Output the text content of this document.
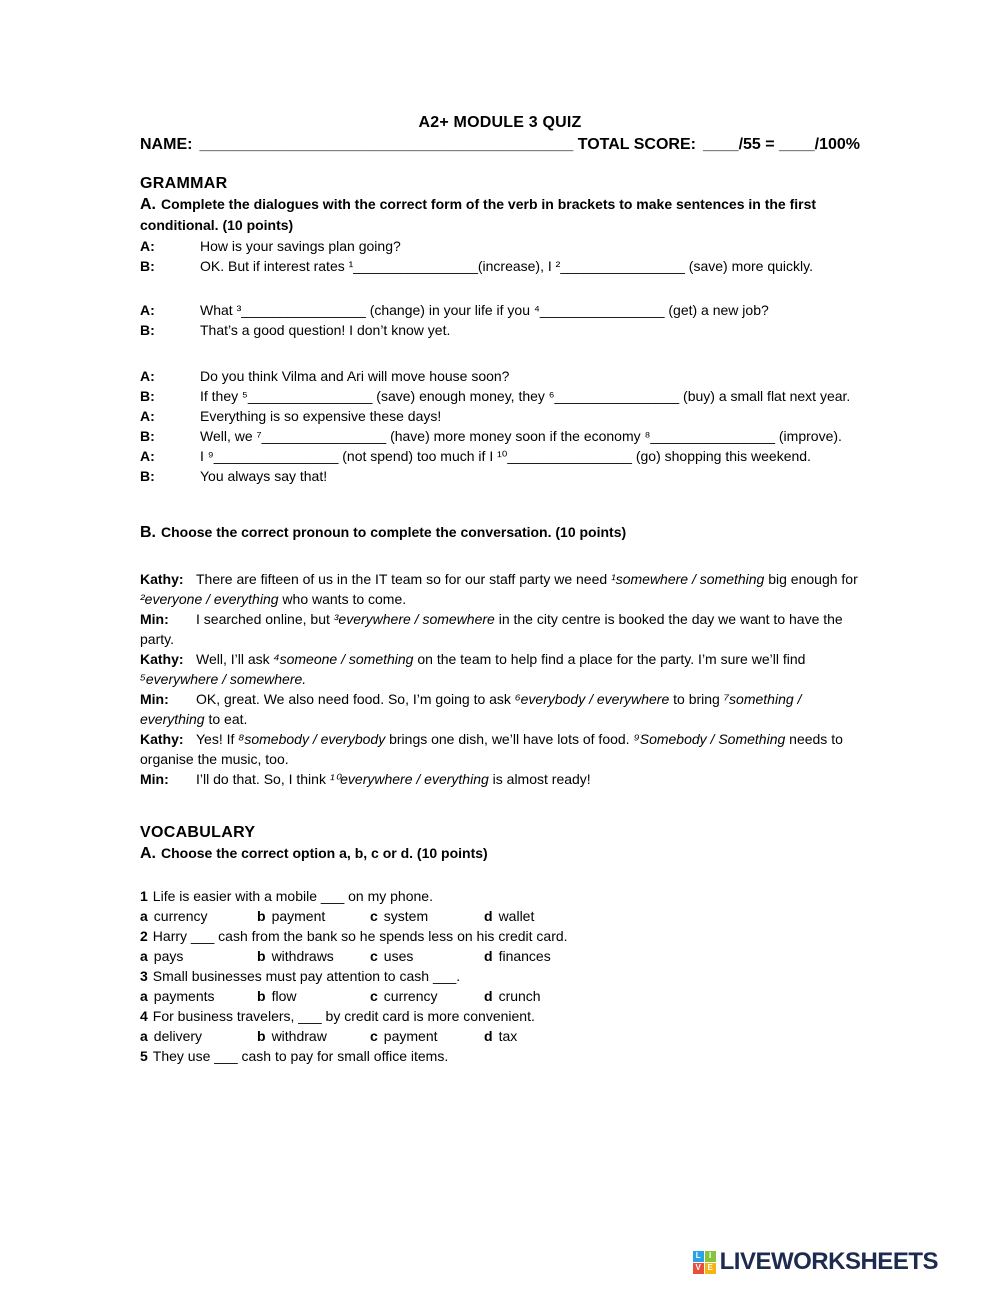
A2+ MODULE 3 QUIZ
NAME: __________________________________________ TOTAL SCORE: ____/55 = ____/100%
GRAMMAR

A. Complete the dialogues with the correct form of the verb in brackets to make sentences in the first conditional. (10 points)

A:	How is your savings plan going?
B:	OK. But if interest rates ¹________________(increase), I ²________________ (save) more quickly.
A:	What ³________________ (change) in your life if you ⁴________________ (get) a new job?
B:	That’s a good question! I don’t know yet.
A:	Do you think Vilma and Ari will move house soon?
B:	If they ⁵________________ (save) enough money, they ⁶________________ (buy) a small flat next year.
A:	Everything is so expensive these days!
B:	Well, we ⁷________________ (have) more money soon if the economy ⁸________________ (improve).
A:	I ⁹________________ (not spend) too much if I ¹⁰________________ (go) shopping this weekend.
B:	You always say that!

B. Choose the correct pronoun to complete the conversation. (10 points)

Kathy: There are fifteen of us in the IT team so for our staff party we need ¹somewhere / something big enough for ²everyone / everything who wants to come.

Min: I searched online, but ³everywhere / somewhere in the city centre is booked the day we want to have the party.

Kathy: Well, I’ll ask ⁴someone / something on the team to help find a place for the party. I’m sure we’ll find ⁵everywhere / somewhere.

Min: OK, great. We also need food. So, I’m going to ask ⁶everybody / everywhere to bring ⁷something / everything to eat.

Kathy: Yes! If ⁸somebody / everybody brings one dish, we’ll have lots of food. ⁹Somebody / Something needs to organise the music, too.

Min: I’ll do that. So, I think ¹⁰everywhere / everything is almost ready!

VOCABULARY

A. Choose the correct option a, b, c or d. (10 points)

1 Life is easier with a mobile ___ on my phone.

a currency	b payment	c system	d wallet

2 Harry ___ cash from the bank so he spends less on his credit card.

a pays	b withdraws	c uses	d finances

3 Small businesses must pay attention to cash ___.

a payments	b flow	c currency	d crunch

4 For business travelers, ___ by credit card is more convenient.

a delivery	b withdraw	c payment	d tax

5 They use ___ cash to pay for small office items.

L	I
V E LIVEWORKSHEETS
